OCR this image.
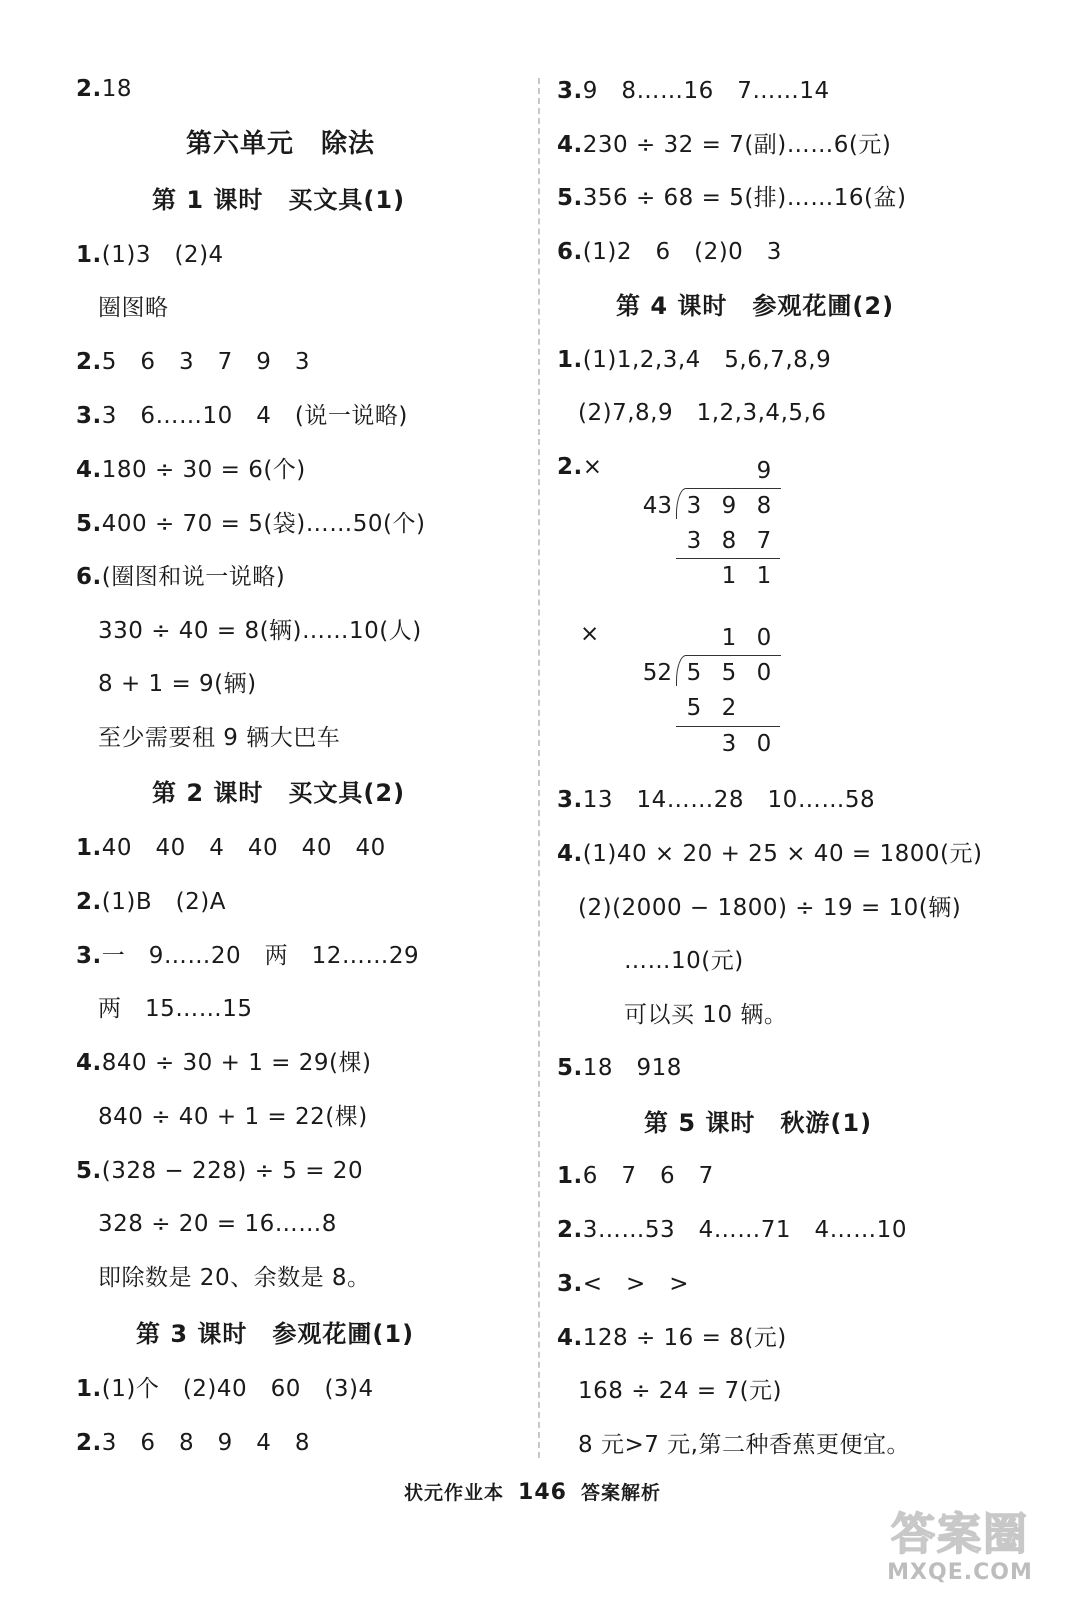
2.18
第六单元　除法
第 1 课时　买文具(1)
1.(1)3　(2)4
圈图略
2.5　6　3　7　9　3
3.3　6……10　4　(说一说略)
4.180 ÷ 30 = 6(个)
5.400 ÷ 70 = 5(袋)……50(个)
6.(圈图和说一说略)
330 ÷ 40 = 8(辆)……10(人)
8 + 1 = 9(辆)
至少需要租 9 辆大巴车
第 2 课时　买文具(2)
1.40　40　4　40　40　40
2.(1)B　(2)A
3.一　9……20　两　12……29
两　15……15
4.840 ÷ 30 + 1 = 29(棵)
840 ÷ 40 + 1 = 22(棵)
5.(328 − 228) ÷ 5 = 20
328 ÷ 20 = 16……8
即除数是 20、余数是 8。
第 3 课时　参观花圃(1)
1.(1)个　(2)40　60　(3)4
2.3　6　8　9　4　8
3.9　8……16　7……14
4.230 ÷ 32 = 7(副)……6(元)
5.356 ÷ 68 = 5(排)……16(盆)
6.(1)2　6　(2)0　3
第 4 课时　参观花圃(2)
1.(1)1,2,3,4　5,6,7,8,9
(2)7,8,9　1,2,3,4,5,6
2.×	9
43 3 9 8
3 8 7
1 1
×	1 0
52 5 5 0
5 2
3 0
3.13　14……28　10……58
4.(1)40 × 20 + 25 × 40 = 1800(元)
(2)(2000 − 1800) ÷ 19 = 10(辆)
……10(元)
可以买 10 辆。
5.18　918
第 5 课时　秋游(1)
1.6　7　6　7
2.3……53　4……71　4……10
3.<　>　>
4.128 ÷ 16 = 8(元)
168 ÷ 24 = 7(元)
8 元>7 元,第二种香蕉更便宜。
状元作业本 146 答案解析
答案圈
MXQE.COM
